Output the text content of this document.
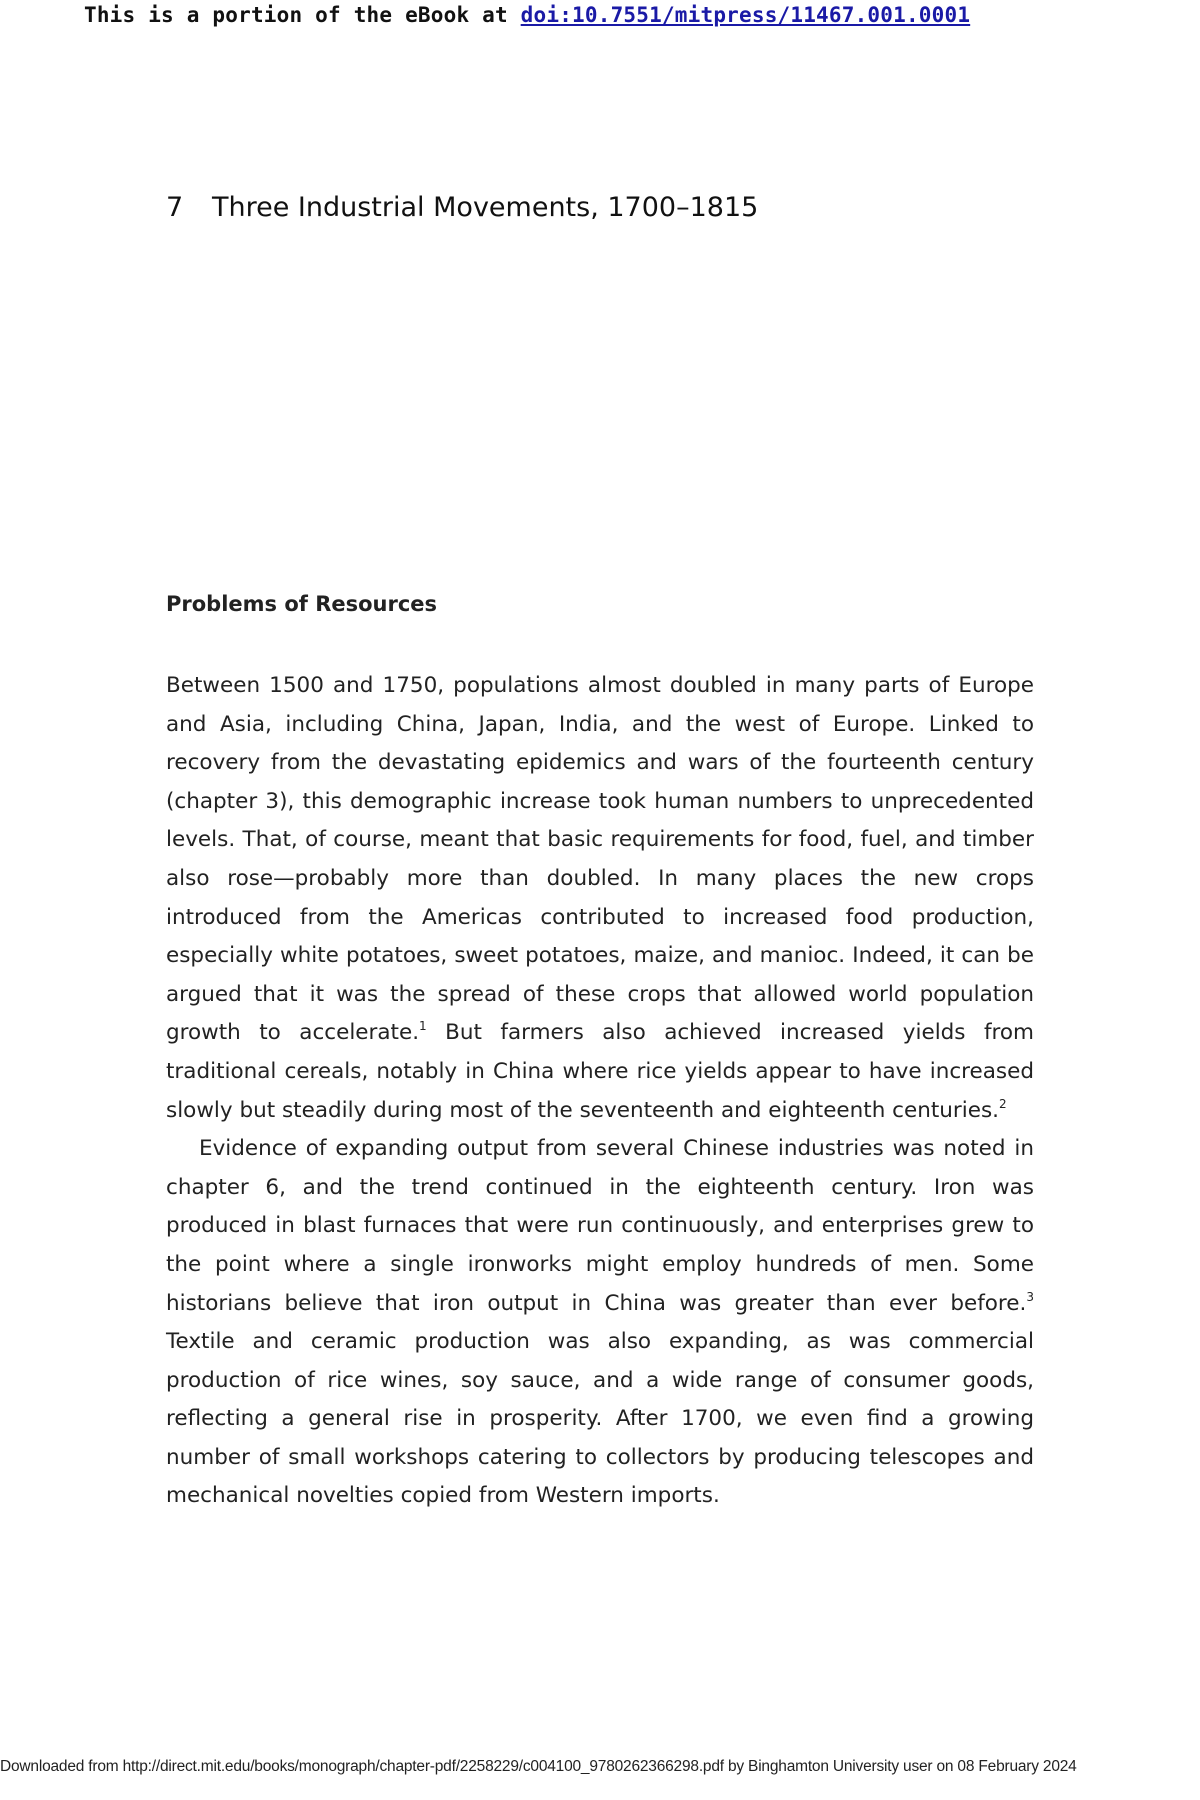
This is a portion of the eBook at doi:10.7551/mitpress/11467.001.0001
7 Three Industrial Movements, 1700–1815
Problems of Resources

Between 1500 and 1750, populations almost doubled in many parts of Europe and Asia, including China, Japan, India, and the west of Europe. Linked to recovery from the devastating epidemics and wars of the fourteenth century (chapter 3), this demographic increase took human numbers to unprecedented levels. That, of course, meant that basic requirements for food, fuel, and timber also rose—probably more than doubled. In many places the new crops introduced from the Americas contributed to increased food production, especially white potatoes, sweet potatoes, maize, and manioc. Indeed, it can be argued that it was the spread of these crops that allowed world population growth to accelerate.$^1$ But farmers also achieved increased yields from traditional cereals, notably in China where rice yields appear to have increased slowly but steadily during most of the seventeenth and eighteenth centuries.$^2$

Evidence of expanding output from several Chinese industries was noted in chapter 6, and the trend continued in the eighteenth century. Iron was produced in blast furnaces that were run continuously, and enterprises grew to the point where a single ironworks might employ hundreds of men. Some historians believe that iron output in China was greater than ever before.$^3$ Textile and ceramic production was also expanding, as was commercial production of rice wines, soy sauce, and a wide range of consumer goods, reflecting a general rise in prosperity. After 1700, we even find a growing number of small workshops catering to collectors by producing telescopes and mechanical novelties copied from Western imports.

Downloaded from http://direct.mit.edu/books/monograph/chapter-pdf/2258229/c004100_9780262366298.pdf by Binghamton University user on 08 February 2024
